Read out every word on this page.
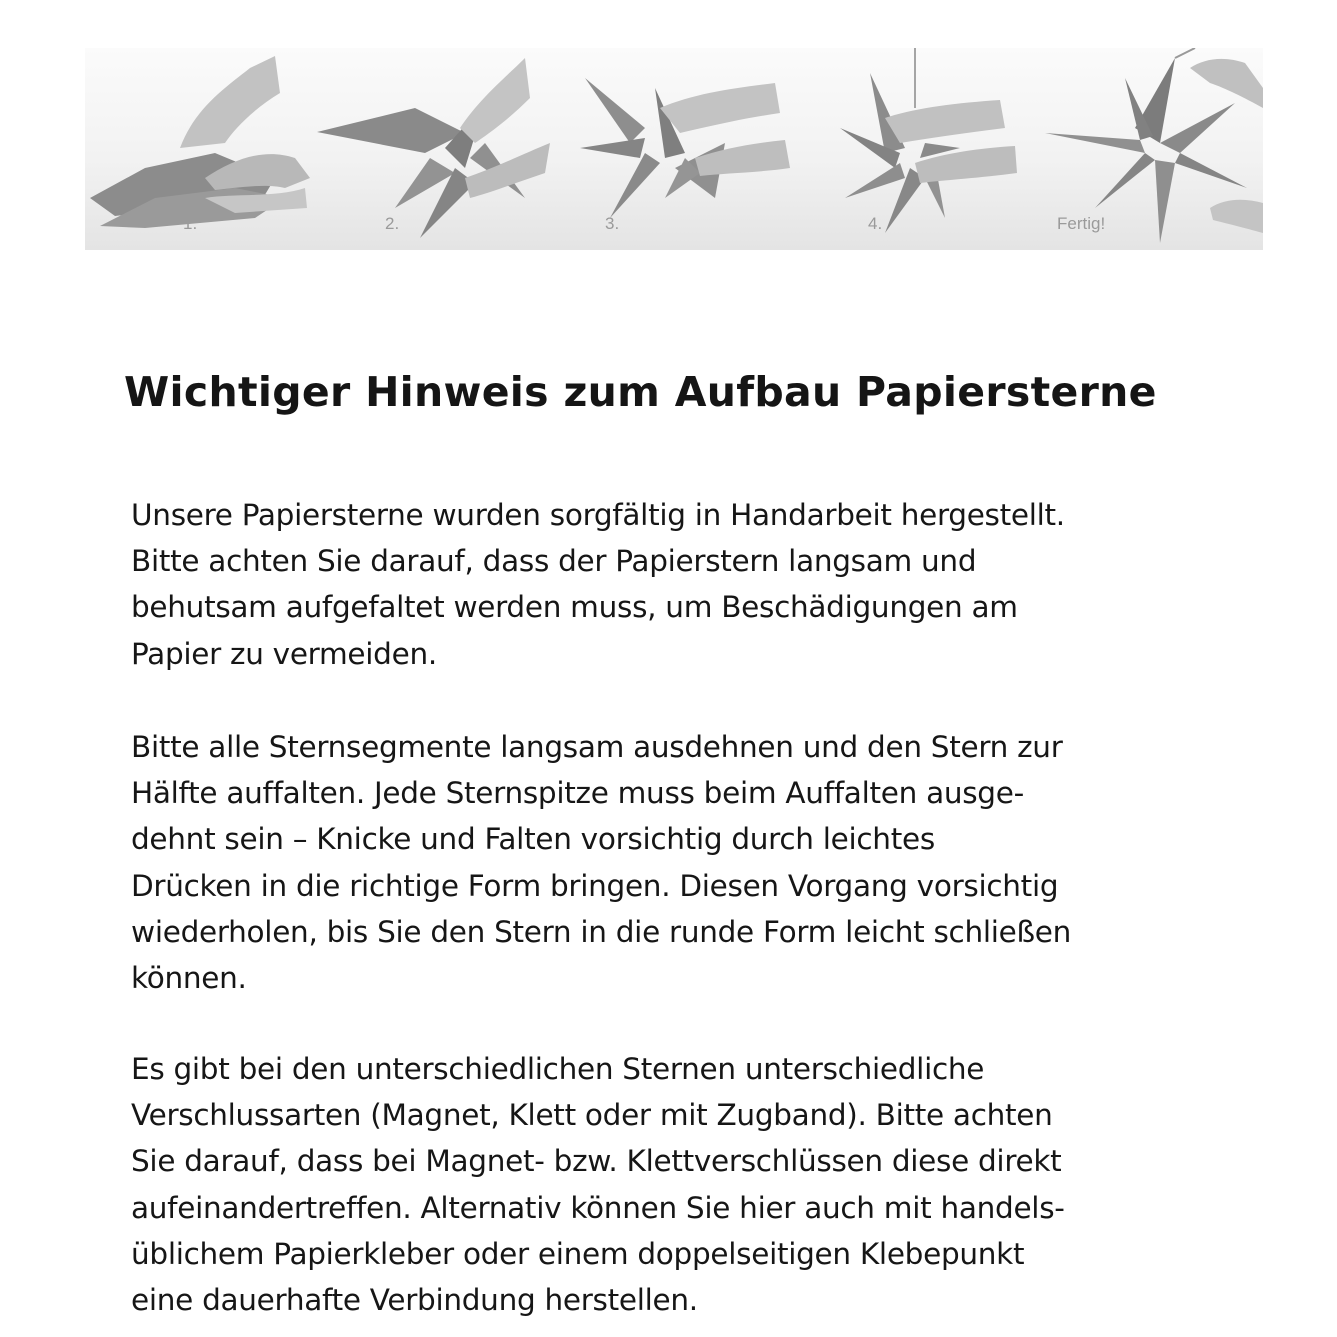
1.	2.	3.	4.	Fertig!
Wichtiger Hinweis zum Aufbau Papiersterne

Unsere Papiersterne wurden sorgfältig in Handarbeit hergestellt.
Bitte achten Sie darauf, dass der Papierstern langsam und
behutsam aufgefaltet werden muss, um Beschädigungen am
Papier zu vermeiden.

Bitte alle Sternsegmente langsam ausdehnen und den Stern zur
Hälfte auffalten. Jede Sternspitze muss beim Auffalten ausge-
dehnt sein – Knicke und Falten vorsichtig durch leichtes
Drücken in die richtige Form bringen. Diesen Vorgang vorsichtig
wiederholen, bis Sie den Stern in die runde Form leicht schließen
können.

Es gibt bei den unterschiedlichen Sternen unterschiedliche
Verschlussarten (Magnet, Klett oder mit Zugband). Bitte achten
Sie darauf, dass bei Magnet- bzw. Klettverschlüssen diese direkt
aufeinandertreffen. Alternativ können Sie hier auch mit handels-
üblichem Papierkleber oder einem doppelseitigen Klebepunkt
eine dauerhafte Verbindung herstellen.
